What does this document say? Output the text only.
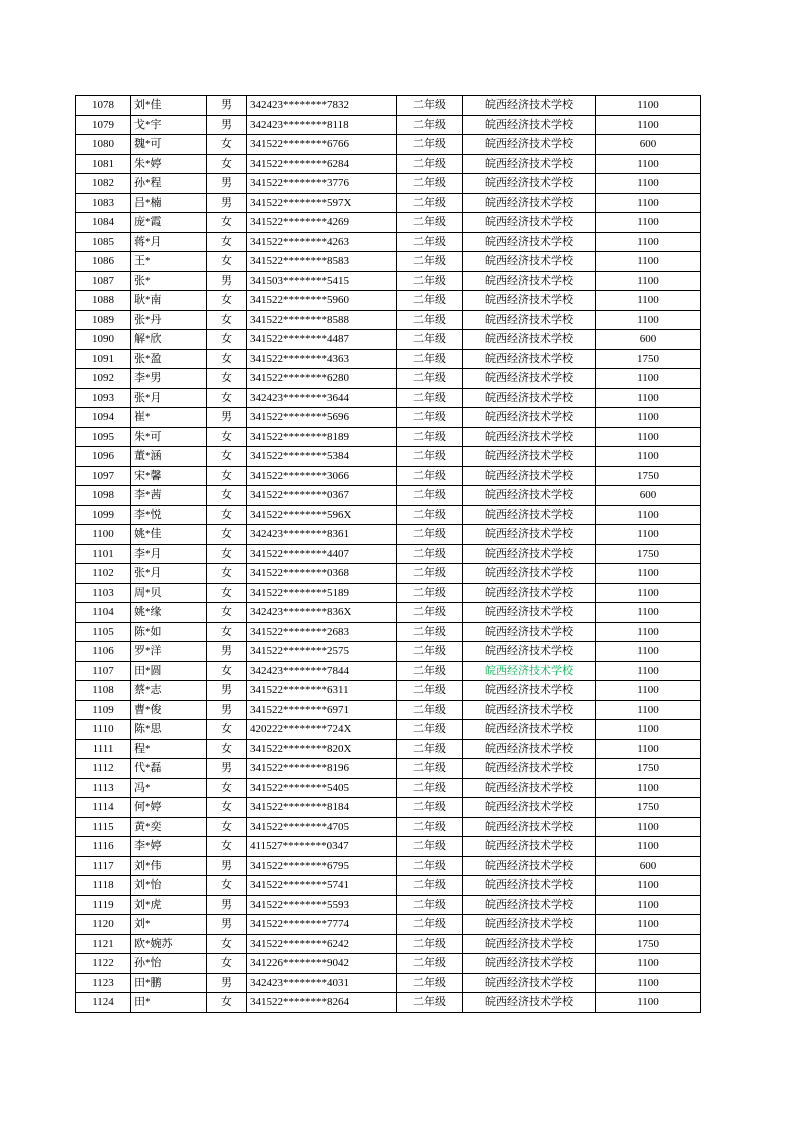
1078	刘*佳	男	342423********7832	二年级	皖西经济技术学校	1100
1079	戈*宇	男	342423********8118	二年级	皖西经济技术学校	1100
1080	魏*可	女	341522********6766	二年级	皖西经济技术学校	600
1081	朱*婷	女	341522********6284	二年级	皖西经济技术学校	1100
1082	孙*程	男	341522********3776	二年级	皖西经济技术学校	1100
1083	吕*楠	男	341522********597X	二年级	皖西经济技术学校	1100
1084	庞*霞	女	341522********4269	二年级	皖西经济技术学校	1100
1085	蒋*月	女	341522********4263	二年级	皖西经济技术学校	1100
1086	王*	女	341522********8583	二年级	皖西经济技术学校	1100
1087	张*	男	341503********5415	二年级	皖西经济技术学校	1100
1088	耿*南	女	341522********5960	二年级	皖西经济技术学校	1100
1089	张*丹	女	341522********8588	二年级	皖西经济技术学校	1100
1090	解*欣	女	341522********4487	二年级	皖西经济技术学校	600
1091	张*盈	女	341522********4363	二年级	皖西经济技术学校	1750
1092	李*男	女	341522********6280	二年级	皖西经济技术学校	1100
1093	张*月	女	342423********3644	二年级	皖西经济技术学校	1100
1094	崔*	男	341522********5696	二年级	皖西经济技术学校	1100
1095	朱*可	女	341522********8189	二年级	皖西经济技术学校	1100
1096	董*涵	女	341522********5384	二年级	皖西经济技术学校	1100
1097	宋*馨	女	341522********3066	二年级	皖西经济技术学校	1750
1098	李*茜	女	341522********0367	二年级	皖西经济技术学校	600
1099	李*悦	女	341522********596X	二年级	皖西经济技术学校	1100
1100	姚*佳	女	342423********8361	二年级	皖西经济技术学校	1100
1101	李*月	女	341522********4407	二年级	皖西经济技术学校	1750
1102	张*月	女	341522********0368	二年级	皖西经济技术学校	1100
1103	周*贝	女	341522********5189	二年级	皖西经济技术学校	1100
1104	姚*缘	女	342423********836X	二年级	皖西经济技术学校	1100
1105	陈*如	女	341522********2683	二年级	皖西经济技术学校	1100
1106	罗*洋	男	341522********2575	二年级	皖西经济技术学校	1100
1107	田*圆	女	342423********7844	二年级	皖西经济技术学校	1100
1108	蔡*志	男	341522********6311	二年级	皖西经济技术学校	1100
1109	曹*俊	男	341522********6971	二年级	皖西经济技术学校	1100
1110	陈*思	女	420222********724X	二年级	皖西经济技术学校	1100
1111	程*	女	341522********820X	二年级	皖西经济技术学校	1100
1112	代*磊	男	341522********8196	二年级	皖西经济技术学校	1750
1113	冯*	女	341522********5405	二年级	皖西经济技术学校	1100
1114	何*婷	女	341522********8184	二年级	皖西经济技术学校	1750
1115	黄*奕	女	341522********4705	二年级	皖西经济技术学校	1100
1116	李*婷	女	411527********0347	二年级	皖西经济技术学校	1100
1117	刘*伟	男	341522********6795	二年级	皖西经济技术学校	600
1118	刘*怡	女	341522********5741	二年级	皖西经济技术学校	1100
1119	刘*虎	男	341522********5593	二年级	皖西经济技术学校	1100
1120	刘*	男	341522********7774	二年级	皖西经济技术学校	1100
1121	欧*婉苏	女	341522********6242	二年级	皖西经济技术学校	1750
1122	孙*怡	女	341226********9042	二年级	皖西经济技术学校	1100
1123	田*鹏	男	342423********4031	二年级	皖西经济技术学校	1100
1124	田*	女	341522********8264	二年级	皖西经济技术学校	1100
